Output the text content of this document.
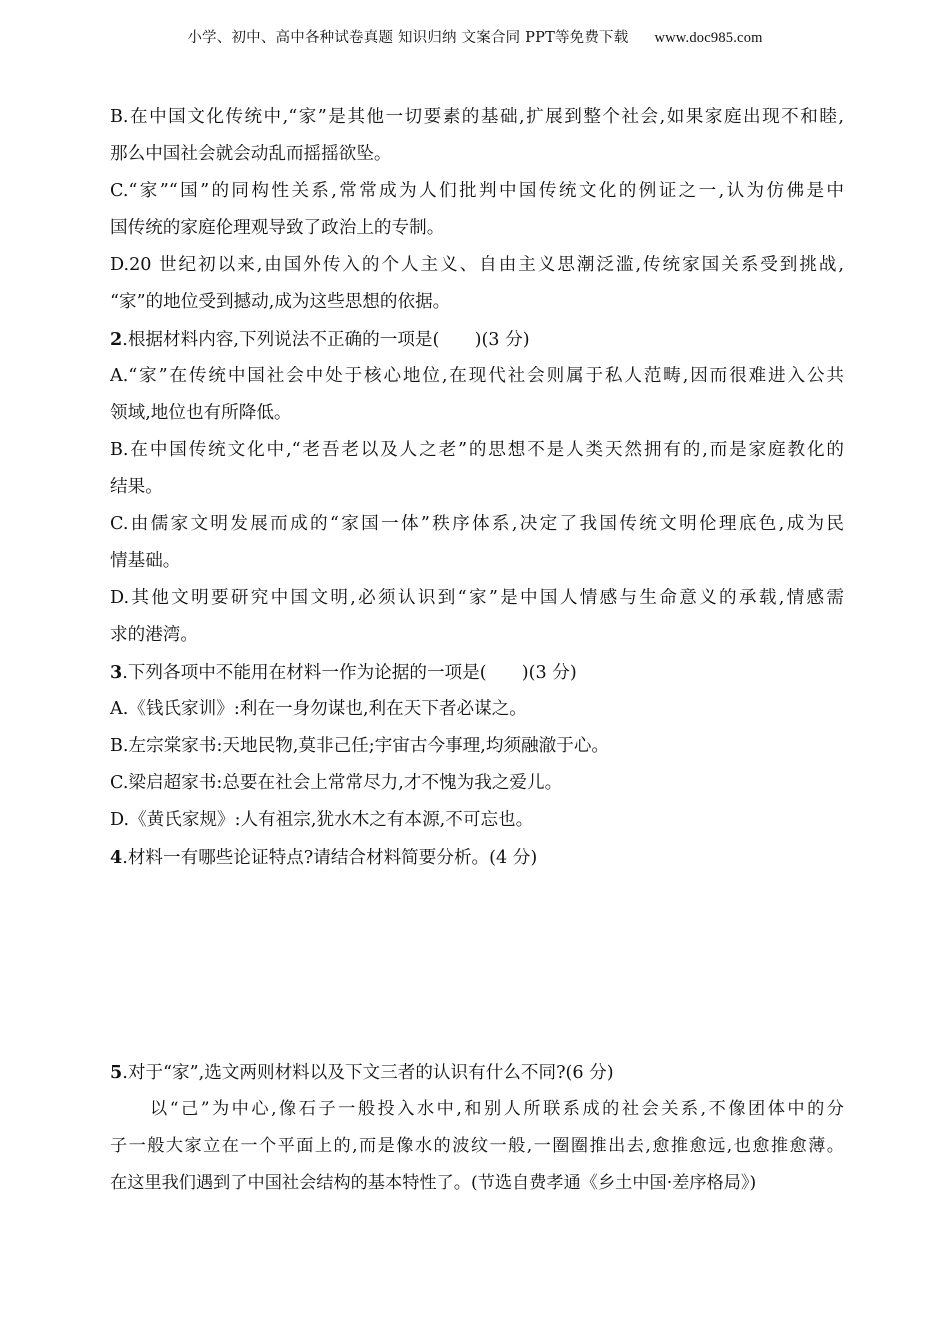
小学、初中、高中各种试卷真题 知识归纳 文案合同 PPT等免费下载 www.doc985.com
B.在中国文化传统中,“家”是其他一切要素的基础,扩展到整个社会,如果家庭出现不和睦,
那么中国社会就会动乱而摇摇欲坠。
C.“家”“国”的同构性关系,常常成为人们批判中国传统文化的例证之一,认为仿佛是中
国传统的家庭伦理观导致了政治上的专制。
D.20 世纪初以来,由国外传入的个人主义、自由主义思潮泛滥,传统家国关系受到挑战,
“家”的地位受到撼动,成为这些思想的依据。
2.根据材料内容,下列说法不正确的一项是(　　)(3 分)
A.“家”在传统中国社会中处于核心地位,在现代社会则属于私人范畴,因而很难进入公共
领域,地位也有所降低。
B.在中国传统文化中,“老吾老以及人之老”的思想不是人类天然拥有的,而是家庭教化的
结果。
C.由儒家文明发展而成的“家国一体”秩序体系,决定了我国传统文明伦理底色,成为民
情基础。
D.其他文明要研究中国文明,必须认识到“家”是中国人情感与生命意义的承载,情感需
求的港湾。
3.下列各项中不能用在材料一作为论据的一项是(　　)(3 分)
A.《钱氏家训》:利在一身勿谋也,利在天下者必谋之。
B.左宗棠家书:天地民物,莫非己任;宇宙古今事理,均须融澈于心。
C.梁启超家书:总要在社会上常常尽力,才不愧为我之爱儿。
D.《黄氏家规》:人有祖宗,犹水木之有本源,不可忘也。
4.材料一有哪些论证特点?请结合材料简要分析。(4 分)
5.对于“家”,选文两则材料以及下文三者的认识有什么不同?(6 分)
以“己”为中心,像石子一般投入水中,和别人所联系成的社会关系,不像团体中的分
子一般大家立在一个平面上的,而是像水的波纹一般,一圈圈推出去,愈推愈远,也愈推愈薄。
在这里我们遇到了中国社会结构的基本特性了。(节选自费孝通《乡土中国·差序格局》)
